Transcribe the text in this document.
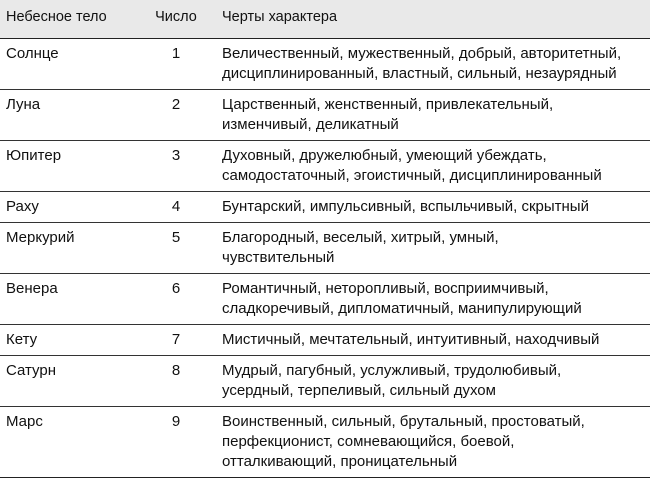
Небесное тело	Число	Черты характера
Солнце	1	Величественный, мужественный, добрый, авторитетный,
дисциплинированный, властный, сильный, незаурядный

Луна	2	Царственный, женственный, привлекательный,
изменчивый, деликатный

Юпитер	3	Духовный, дружелюбный, умеющий убеждать,
самодостаточный, эгоистичный, дисциплинированный

Раху	4	Бунтарский, импульсивный, вспыльчивый, скрытный

Меркурий	5	Благородный, веселый, хитрый, умный,
чувствительный

Венера	6	Романтичный, неторопливый, восприимчивый,
сладкоречивый, дипломатичный, манипулирующий

Кету	7	Мистичный, мечтательный, интуитивный, находчивый

Сатурн	8	Мудрый, пагубный, услужливый, трудолюбивый,
усердный, терпеливый, сильный духом

Марс	9	Воинственный, сильный, брутальный, простоватый,
перфекционист, сомневающийся, боевой,
отталкивающий, проницательный
